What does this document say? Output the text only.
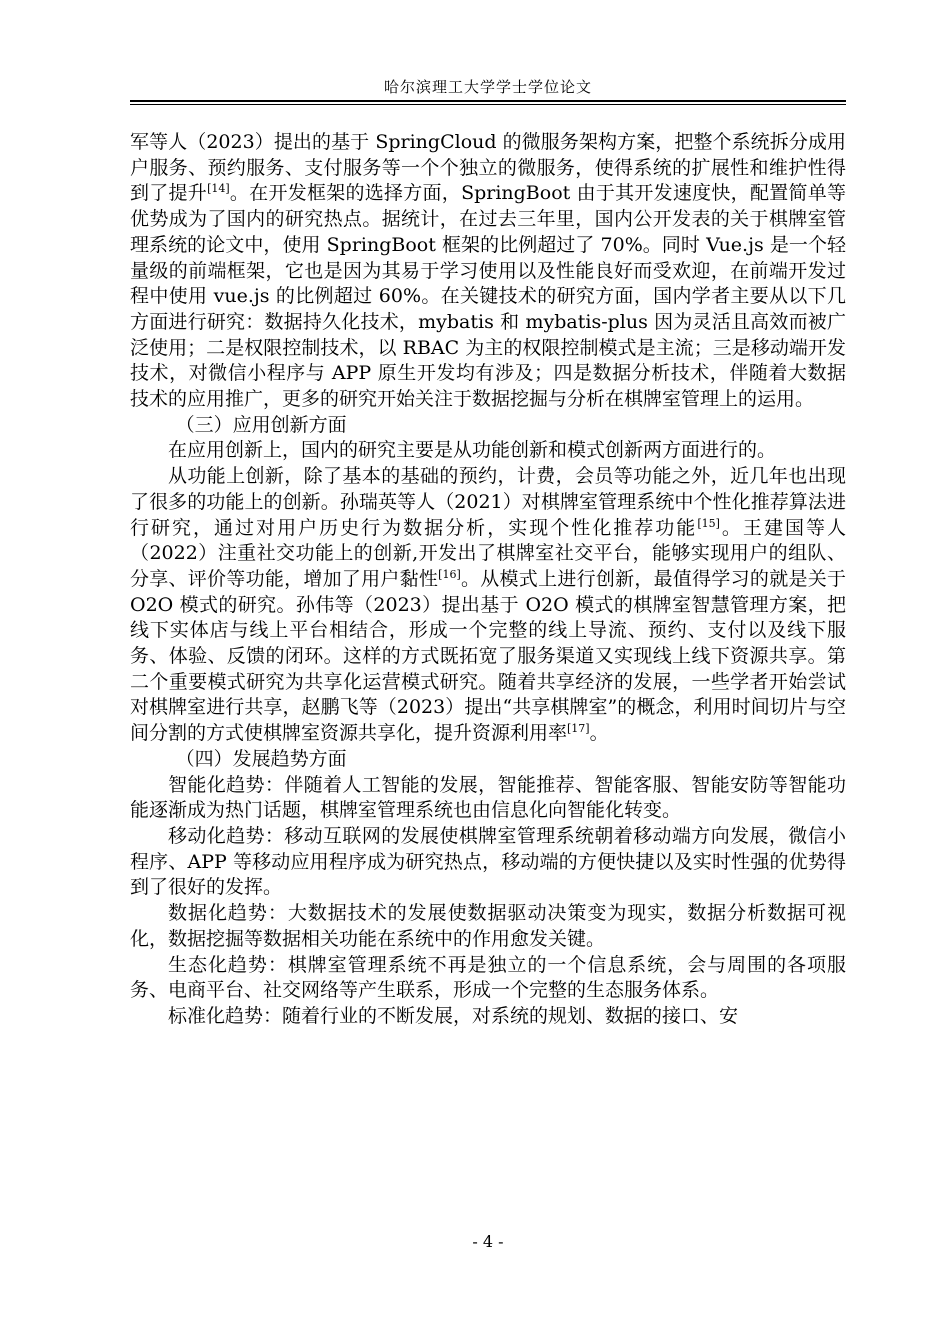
哈尔滨理工大学学士学位论文

军等人（2023）提出的基于 SpringCloud 的微服务架构方案，把整个系统拆分成用户服务、预约服务、支付服务等一个个独立的微服务，使得系统的扩展性和维护性得到了提升[14]。在开发框架的选择方面，SpringBoot 由于其开发速度快，配置简单等优势成为了国内的研究热点。据统计，在过去三年里，国内公开发表的关于棋牌室管理系统的论文中，使用 SpringBoot 框架的比例超过了 70%。同时 Vue.js 是一个轻量级的前端框架，它也是因为其易于学习使用以及性能良好而受欢迎，在前端开发过程中使用 vue.js 的比例超过 60%。在关键技术的研究方面，国内学者主要从以下几方面进行研究：数据持久化技术，mybatis 和 mybatis-plus 因为灵活且高效而被广泛使用；二是权限控制技术，以 RBAC 为主的权限控制模式是主流；三是移动端开发技术，对微信小程序与 APP 原生开发均有涉及；四是数据分析技术，伴随着大数据技术的应用推广，更多的研究开始关注于数据挖掘与分析在棋牌室管理上的运用。

（三）应用创新方面

在应用创新上，国内的研究主要是从功能创新和模式创新两方面进行的。

从功能上创新，除了基本的基础的预约，计费，会员等功能之外，近几年也出现了很多的功能上的创新。孙瑞英等人（2021）对棋牌室管理系统中个性化推荐算法进行研究，通过对用户历史行为数据分析，实现个性化推荐功能[15]。王建国等人（2022）注重社交功能上的创新,开发出了棋牌室社交平台，能够实现用户的组队、分享、评价等功能，增加了用户黏性[16]。从模式上进行创新，最值得学习的就是关于 O2O 模式的研究。孙伟等（2023）提出基于 O2O 模式的棋牌室智慧管理方案，把线下实体店与线上平台相结合，形成一个完整的线上导流、预约、支付以及线下服务、体验、反馈的闭环。这样的方式既拓宽了服务渠道又实现线上线下资源共享。第二个重要模式研究为共享化运营模式研究。随着共享经济的发展，一些学者开始尝试对棋牌室进行共享，赵鹏飞等（2023）提出“共享棋牌室”的概念，利用时间切片与空间分割的方式使棋牌室资源共享化，提升资源利用率[17]。

（四）发展趋势方面

智能化趋势：伴随着人工智能的发展，智能推荐、智能客服、智能安防等智能功能逐渐成为热门话题，棋牌室管理系统也由信息化向智能化转变。

移动化趋势：移动互联网的发展使棋牌室管理系统朝着移动端方向发展，微信小程序、APP 等移动应用程序成为研究热点，移动端的方便快捷以及实时性强的优势得到了很好的发挥。

数据化趋势：大数据技术的发展使数据驱动决策变为现实，数据分析数据可视化，数据挖掘等数据相关功能在系统中的作用愈发关键。

生态化趋势：棋牌室管理系统不再是独立的一个信息系统，会与周围的各项服务、电商平台、社交网络等产生联系，形成一个完整的生态服务体系。

标准化趋势：随着行业的不断发展，对系统的规划、数据的接口、安

- 4 -
